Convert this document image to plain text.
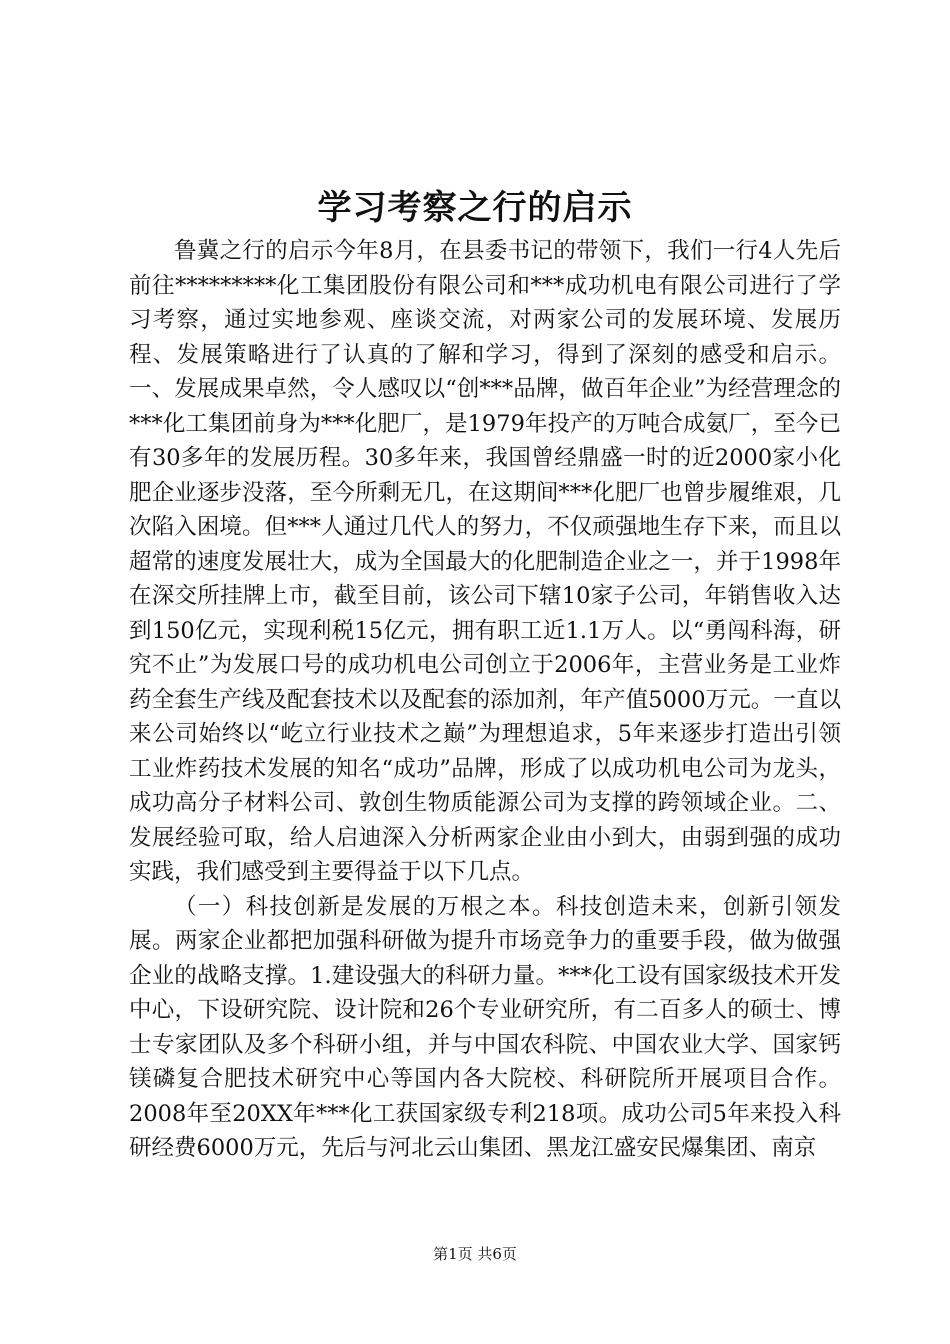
学习考察之行的启示

鲁冀之行的启示今年8月，在县委书记的带领下，我们一行4人先后前往*********化工集团股份有限公司和***成功机电有限公司进行了学习考察，通过实地参观、座谈交流，对两家公司的发展环境、发展历程、发展策略进行了认真的了解和学习，得到了深刻的感受和启示。一、发展成果卓然，令人感叹以“创***品牌，做百年企业”为经营理念的***化工集团前身为***化肥厂，是1979年投产的万吨合成氨厂，至今已有30多年的发展历程。30多年来，我国曾经鼎盛一时的近2000家小化肥企业逐步没落，至今所剩无几，在这期间***化肥厂也曾步履维艰，几次陷入困境。但***人通过几代人的努力，不仅顽强地生存下来，而且以超常的速度发展壮大，成为全国最大的化肥制造企业之一，并于1998年在深交所挂牌上市，截至目前，该公司下辖10家子公司，年销售收入达到150亿元，实现利税15亿元，拥有职工近1.1万人。以“勇闯科海，研究不止”为发展口号的成功机电公司创立于2006年，主营业务是工业炸药全套生产线及配套技术以及配套的添加剂，年产值5000万元。一直以来公司始终以“屹立行业技术之巅”为理想追求，5年来逐步打造出引领工业炸药技术发展的知名“成功”品牌，形成了以成功机电公司为龙头，成功高分子材料公司、敦创生物质能源公司为支撑的跨领域企业。二、发展经验可取，给人启迪深入分析两家企业由小到大，由弱到强的成功实践，我们感受到主要得益于以下几点。

（一）科技创新是发展的万根之本。科技创造未来，创新引领发展。两家企业都把加强科研做为提升市场竞争力的重要手段，做为做强企业的战略支撑。1.建设强大的科研力量。***化工设有国家级技术开发中心，下设研究院、设计院和26个专业研究所，有二百多人的硕士、博士专家团队及多个科研小组，并与中国农科院、中国农业大学、国家钙镁磷复合肥技术研究中心等国内各大院校、科研院所开展项目合作。2008年至20XX年***化工获国家级专利218项。成功公司5年来投入科研经费6000万元，先后与河北云山集团、黑龙江盛安民爆集团、南京

第1页 共6页
